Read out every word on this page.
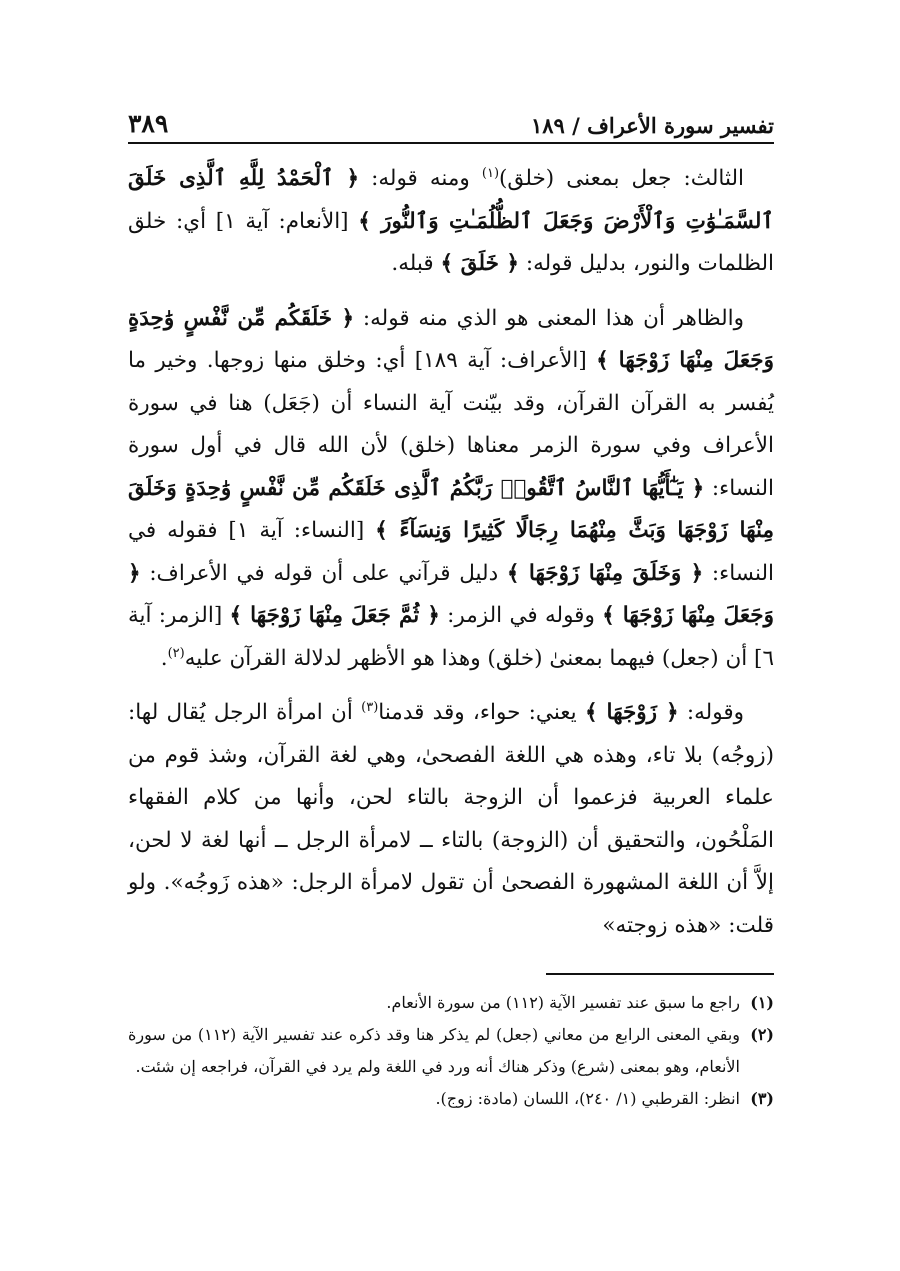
تفسير سورة الأعراف / ١٨٩
٣٨٩

الثالث: جعل بمعنى (خلق)$^{(١)}$ ومنه قوله: ﴿ ٱلْحَمْدُ لِلَّهِ ٱلَّذِى خَلَقَ ٱلسَّمَـٰوَٰتِ وَٱلْأَرْضَ وَجَعَلَ ٱلظُّلُمَـٰتِ وَٱلنُّورَ ﴾ [الأنعام: آية ١] أي: خلق الظلمات والنور، بدليل قوله: ﴿ خَلَقَ ﴾ قبله.

والظاهر أن هذا المعنى هو الذي منه قوله: ﴿ خَلَقَكُم مِّن نَّفْسٍ وَٰحِدَةٍ وَجَعَلَ مِنْهَا زَوْجَهَا ﴾ [الأعراف: آية ١٨٩] أي: وخلق منها زوجها. وخير ما يُفسر به القرآن القرآن، وقد بيّنت آية النساء أن (جَعَل) هنا في سورة الأعراف وفي سورة الزمر معناها (خلق) لأن الله قال في أول سورة النساء: ﴿ يَـٰٓأَيُّهَا ٱلنَّاسُ ٱتَّقُوا۟ رَبَّكُمُ ٱلَّذِى خَلَقَكُم مِّن نَّفْسٍ وَٰحِدَةٍ وَخَلَقَ مِنْهَا زَوْجَهَا وَبَثَّ مِنْهُمَا رِجَالًا كَثِيرًا وَنِسَآءً ﴾ [النساء: آية ١] فقوله في النساء: ﴿ وَخَلَقَ مِنْهَا زَوْجَهَا ﴾ دليل قرآني على أن قوله في الأعراف: ﴿ وَجَعَلَ مِنْهَا زَوْجَهَا ﴾ وقوله في الزمر: ﴿ ثُمَّ جَعَلَ مِنْهَا زَوْجَهَا ﴾ [الزمر: آية ٦] أن (جعل) فيهما بمعنىٰ (خلق) وهذا هو الأظهر لدلالة القرآن عليه$^{(٢)}$.

وقوله: ﴿ زَوْجَهَا ﴾ يعني: حواء، وقد قدمنا$^{(٣)}$ أن امرأة الرجل يُقال لها: (زوجُه) بلا تاء، وهذه هي اللغة الفصحىٰ، وهي لغة القرآن، وشذ قوم من علماء العربية فزعموا أن الزوجة بالتاء لحن، وأنها من كلام الفقهاء المَلْحُون، والتحقيق أن (الزوجة) بالتاء ــ لامرأة الرجل ــ أنها لغة لا لحن، إلاَّ أن اللغة المشهورة الفصحىٰ أن تقول لامرأة الرجل: «هذه زَوجُه». ولو قلت: «هذه زوجته»

(١)
راجع ما سبق عند تفسير الآية (١١٢) من سورة الأنعام.
(٢)
وبقي المعنى الرابع من معاني (جعل) لم يذكر هنا وقد ذكره عند تفسير الآية (١١٢) من سورة الأنعام، وهو بمعنى (شرع) وذكر هناك أنه ورد في اللغة ولم يرد في القرآن، فراجعه إن شئت.
(٣)
انظر: القرطبي (١/ ٢٤٠)، اللسان (مادة: زوج).
